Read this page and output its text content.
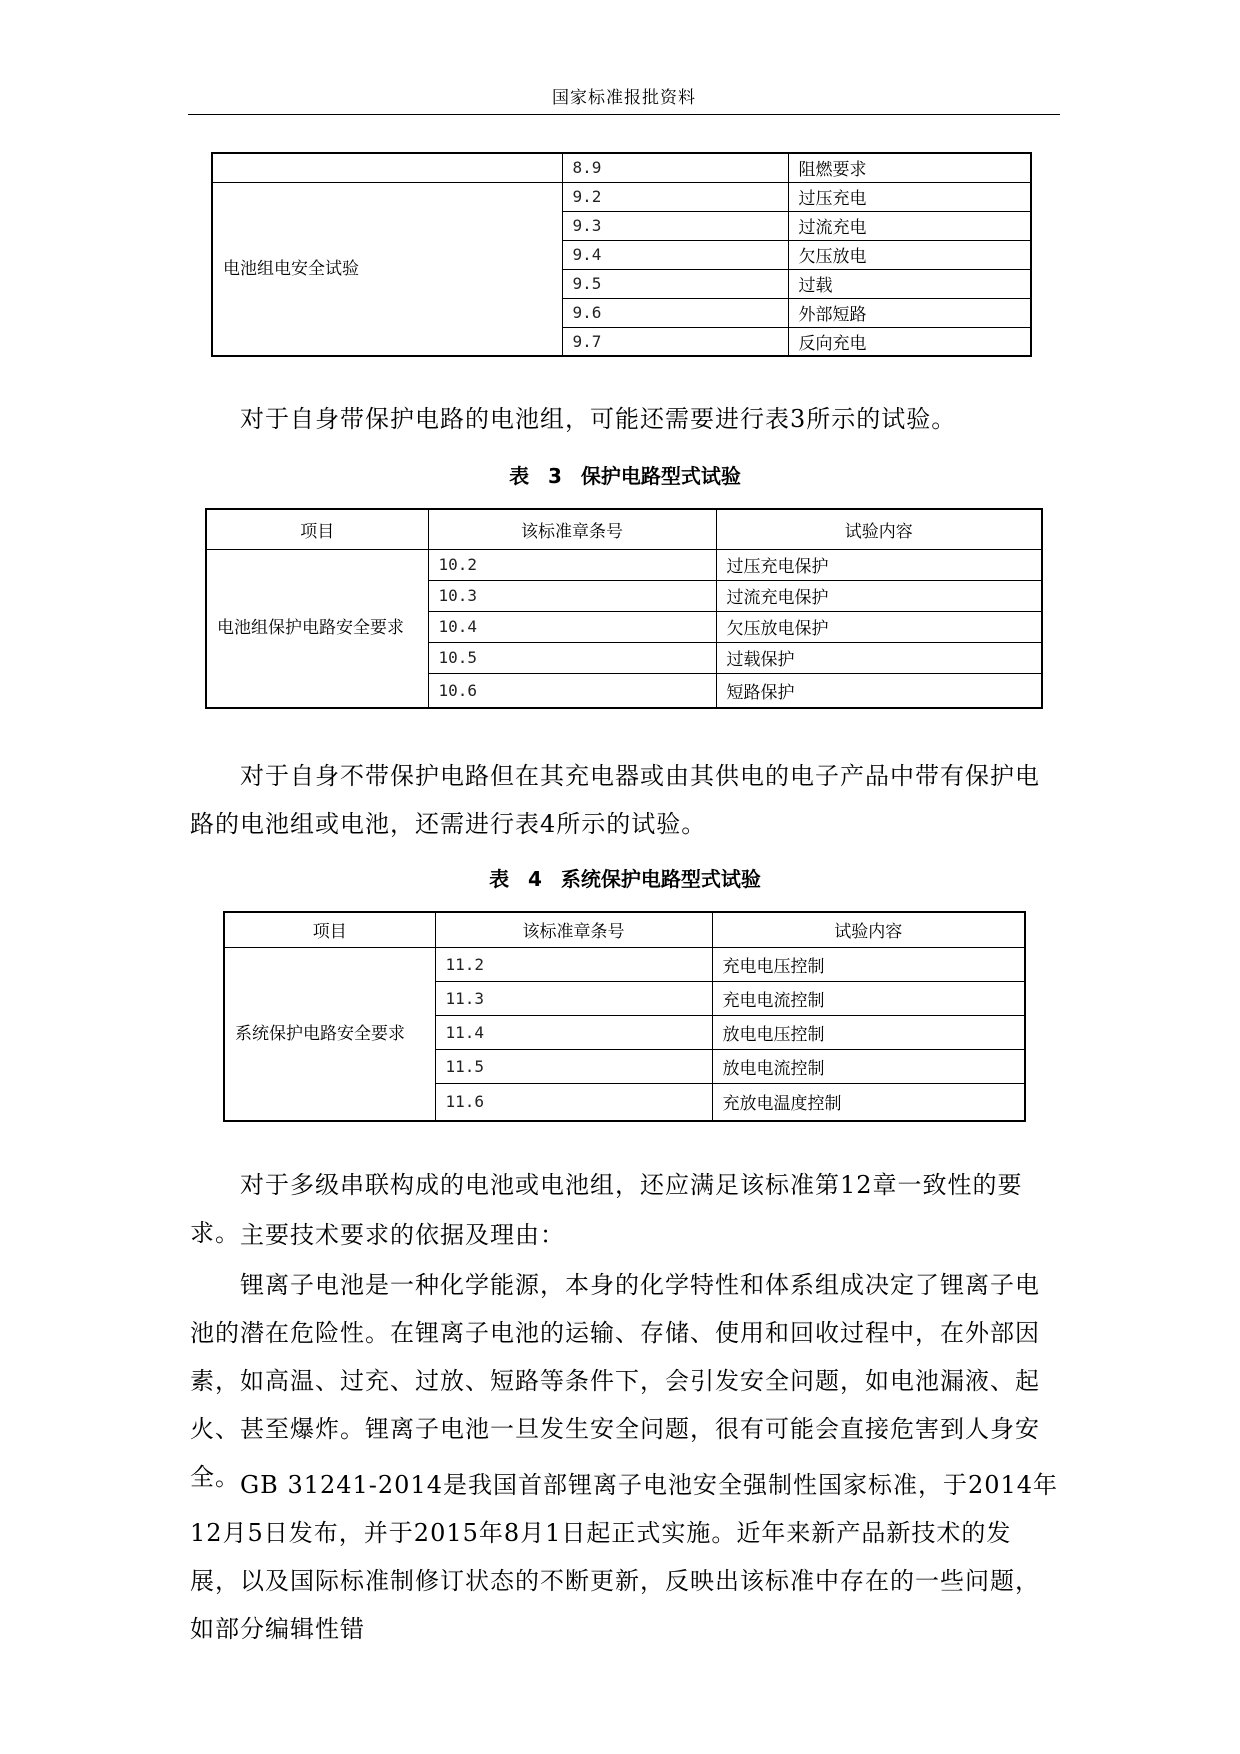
国家标准报批资料
	8.9	阻燃要求
电池组电安全试验	9.2	过压充电
	9.3	过流充电
	9.4	欠压放电
	9.5	过载
	9.6	外部短路
	9.7	反向充电
对于自身带保护电路的电池组，可能还需要进行表3所示的试验。
表 3 保护电路型式试验
项目	该标准章条号	试验内容
电池组保护电路安全要求	10.2	过压充电保护
	10.3	过流充电保护
	10.4	欠压放电保护
	10.5	过载保护
	10.6	短路保护
对于自身不带保护电路但在其充电器或由其供电的电子产品中带有保护电路的电池组或电池，还需进行表4所示的试验。
表 4 系统保护电路型式试验
项目	该标准章条号	试验内容
系统保护电路安全要求	11.2	充电电压控制
	11.3	充电电流控制
	11.4	放电电压控制
	11.5	放电电流控制
	11.6	充放电温度控制
对于多级串联构成的电池或电池组，还应满足该标准第12章一致性的要求。 主要技术要求的依据及理由：
锂离子电池是一种化学能源，本身的化学特性和体系组成决定了锂离子电池的潜在危险性。在锂离子电池的运输、存储、使用和回收过程中，在外部因素，如高温、过充、过放、短路等条件下，会引发安全问题，如电池漏液、起火、甚至爆炸。锂离子电池一旦发生安全问题，很有可能会直接危害到人身安全。 GB 31241-2014是我国首部锂离子电池安全强制性国家标准，于2014年12月5日发布，并于2015年8月1日起正式实施。近年来新产品新技术的发展，以及国际标准制修订状态的不断更新，反映出该标准中存在的一些问题，如部分编辑性错
